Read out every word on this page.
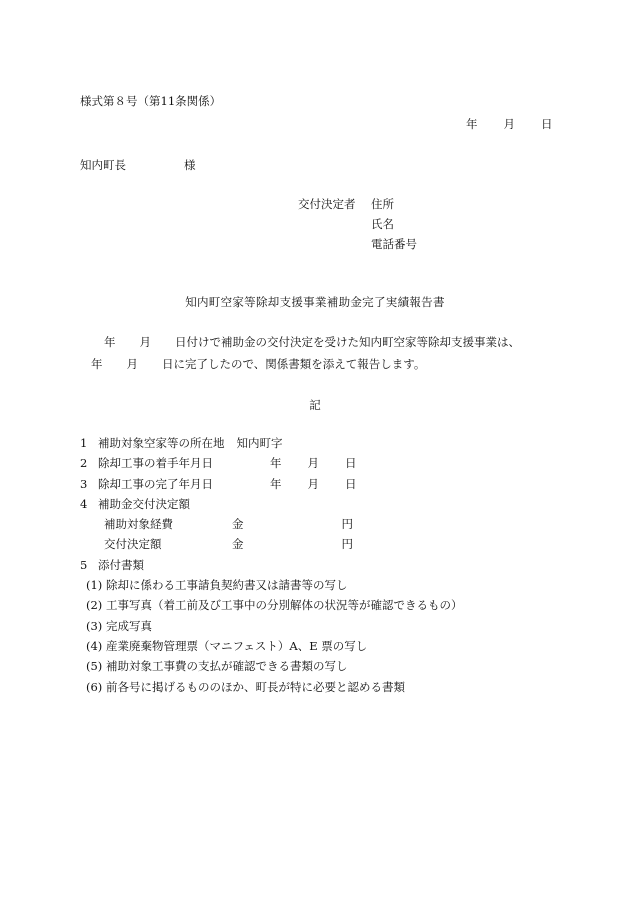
様式第８号（第11条関係）
年 月 日
知内町長	様
交付決定者 住所
氏名
電話番号
知内町空家等除却支援事業補助金完了実績報告書
年 月 日付けで補助金の交付決定を受けた知内町空家等除却支援事業は、
年 月 日に完了したので、関係書類を添えて報告します。
記
1 補助対象空家等の所在地 知内町字
2 除却工事の着手年月日	年 月 日
3 除却工事の完了年月日	年 月 日
4 補助金交付決定額
補助対象経費	金	円
交付決定額	金	円
5 添付書類
(1) 除却に係わる工事請負契約書又は請書等の写し
(2) 工事写真（着工前及び工事中の分別解体の状況等が確認できるもの）
(3) 完成写真
(4) 産業廃棄物管理票（マニフェスト）A、E 票の写し
(5) 補助対象工事費の支払が確認できる書類の写し
(6) 前各号に掲げるもののほか、町長が特に必要と認める書類
